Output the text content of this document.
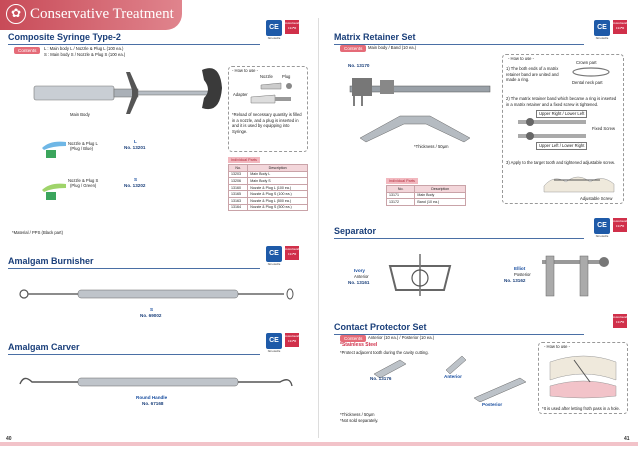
✿ Conservative Treatment
Composite Syringe Type-2
CE
Non-sterile
Autoclavable 134℃
Contents	L : Main body L / Nozzle & Plug L (100 ea.)
S : Main body S / Nozzle & Plug S (100 ea.)
Main Body
- How to use -
Nozzle Plug
Adapter
*Reload of necessary quantity is filled in a nozzle, and a plug is inserted in and it is used by equipping into Syringe.
Nozzle & Plug L
(Plug / Blue)
L
No. 13201
Nozzle & Plug S
(Plug / Green)
S
No. 13202
*Material / PPS (Black part)
Individual Parts
No.	Description
13203	Main Body L
13206	Main Body S
13160	Nozzle & Plug L (100 ea.)
13165	Nozzle & Plug S (100 ea.)
13163	Nozzle & Plug L (500 ea.)
13164	Nozzle & Plug S (500 ea.)
Amalgam Burnisher
CE
Non-sterile
Autoclavable 134℃
S
No. 69002
Amalgam Carver
CE
Non-sterile
Autoclavable 134℃
Round Handle
No. 67168
40
Matrix Retainer Set
CE
Non-sterile
Autoclavable 134℃
Contents	Main body / Band (10 ea.)
No. 13170
*Thickness / 50µm
- How to use -
Crown part
1) The both ends of a matrix retainer band are united and made a ring.
Dental neck part
2) The matrix retainer band which became a ring is inserted in a matrix retainer and a fixed screw is tightened.
Upper Right / Lower Left
Fixed Screw
Upper Left / Lower Right
3) Apply to the target tooth and tightened adjustable screw.
Adjustable Screw
Individual Parts
No.	Description
13171	Main Body
13172	Band (10 ea.)
Separator
CE
Non-sterile
Autoclavable 134℃
Ivory
Anterior
No. 13161
Elliot
Posterior
No. 13162
Contact Protector Set
Autoclavable 134℃
Contents	Anterior (10 ea.) / Posterior (10 ea.)
*Stainless Steel
*Protect adjacent tooth during the cavity cutting.
No. 13176	Anterior
Posterior
*Thickness / 50µm
*Not sold separately.
- How to use -
*It is used after letting froth pass in a hole.
41
